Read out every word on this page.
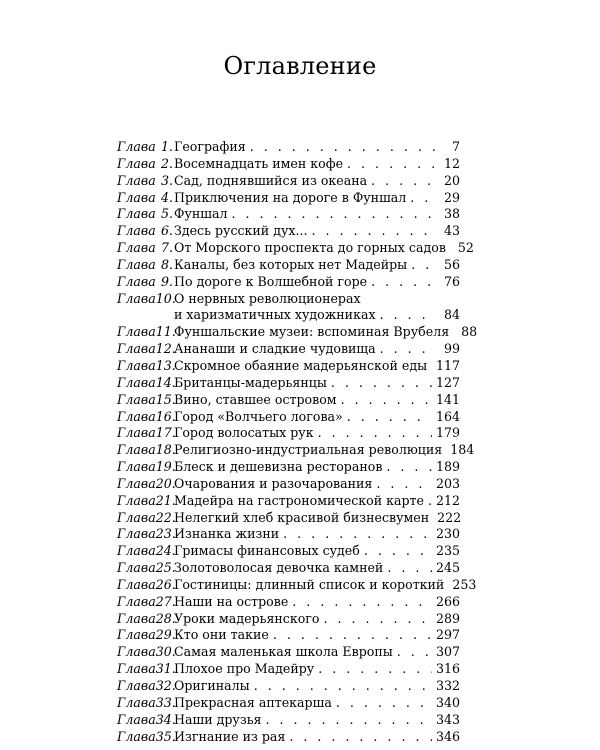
Оглавление
Глава 1. География . . .	7
Глава 2. Восемнадцать имен кофе . . .	12
Глава 3. Сад, поднявшийся из океана . . .	20
Глава 4. Приключения на дороге в Фуншал . . .	29
Глава 5. Фуншал . . .	38
Глава 6. Здесь русский дух... . . .	43
Глава 7. От Морского проспекта до горных садов 52
Глава 8. Каналы, без которых нет Мадейры . . .	56
Глава 9. По дороге к Волшебной горе . . .	76
Глава 10.
О нервных революционерах
и харизматичных художниках . . .	84
Глава 11.
Фуншальские музеи: вспоминая Врубеля 88
Глава 12.
Ананаши и сладкие чудовища . . .	99
Глава 13.
Скромное обаяние мадерьянской еды . . . 117
Глава 14.
Британцы-мадерьянцы . . .	127
Глава 15.
Вино, ставшее островом . . .	141
Глава 16.
Город «Волчьего логова» . . .	164
Глава 17.
Город волосатых рук . . .	179
Глава 18.
Религиозно-индустриальная революция 184
Глава 19.
Блеск и дешевизна ресторанов . . .	189
Глава 20.
Очарования и разочарования . . .	203
Глава 21.
Мадейра на гастрономической карте . . . 212
Глава 22.
Нелегкий хлеб красивой бизнесвумен 222
Глава 23.
Изнанка жизни . . .	230
Глава 24.
Гримасы финансовых судеб . . .	235
Глава 25.
Золотоволосая девочка камней . . .	245
Глава 26.
Гостиницы: длинный список и короткий 253
Глава 27.
Наши на острове . . .	266
Глава 28.
Уроки мадерьянского . . .	289
Глава 29.
Кто они такие . . .	297
Глава 30.
Самая маленькая школа Европы . . .	307
Глава 31.
Плохое про Мадейру . . .	316
Глава 32.
Оригиналы . . .	332
Глава 33.
Прекрасная аптекарша . . .	340
Глава 34.
Наши друзья . . .	343
Глава 35.
Изгнание из рая . . .	346
